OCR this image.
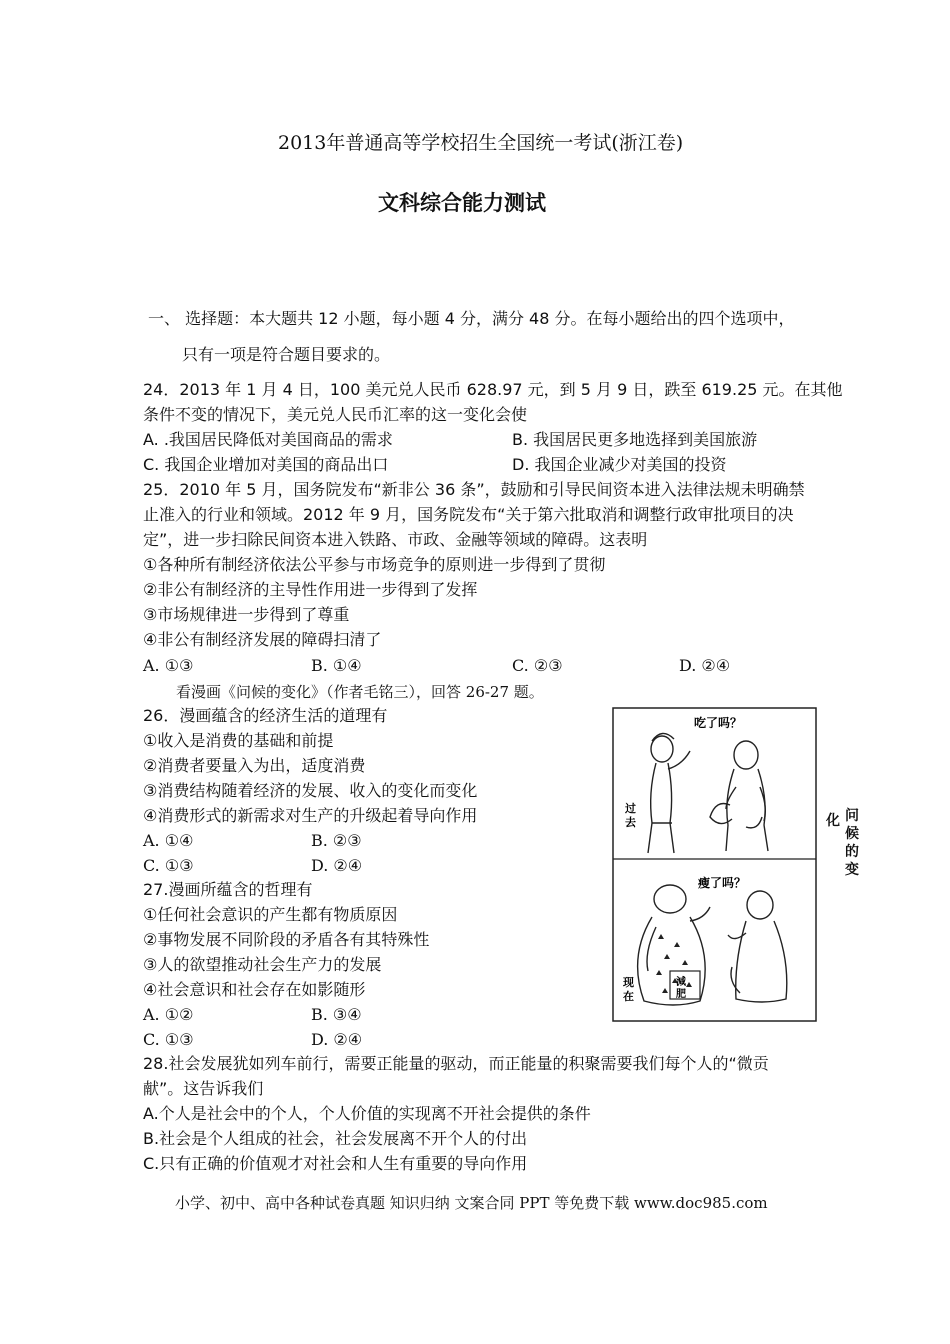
2013年普通高等学校招生全国统一考试(浙江卷)
文科综合能力测试
一、 选择题：本大题共 12 小题，每小题 4 分，满分 48 分。在每小题给出的四个选项中，
只有一项是符合题目要求的。
24．2013 年 1 月 4 日，100 美元兑人民币 628.97 元，到 5 月 9 日，跌至 619.25 元。在其他
条件不变的情况下，美元兑人民币汇率的这一变化会使
A. .我国居民降低对美国商品的需求	B. 我国居民更多地选择到美国旅游
C. 我国企业增加对美国的商品出口	D. 我国企业减少对美国的投资
25．2010 年 5 月，国务院发布“新非公 36 条”，鼓励和引导民间资本进入法律法规未明确禁
止准入的行业和领域。2012 年 9 月，国务院发布“关于第六批取消和调整行政审批项目的决
定”，进一步扫除民间资本进入铁路、市政、金融等领域的障碍。这表明
①各种所有制经济依法公平参与市场竞争的原则进一步得到了贯彻
②非公有制经济的主导性作用进一步得到了发挥
③市场规律进一步得到了尊重
④非公有制经济发展的障碍扫清了
A. ①③	B. ①④	C. ②③	D. ②④
看漫画《问候的变化》（作者毛铭三），回答 26-27 题。
26．漫画蕴含的经济生活的道理有
①收入是消费的基础和前提
②消费者要量入为出，适度消费
③消费结构随着经济的发展、收入的变化而变化
④消费形式的新需求对生产的升级起着导向作用
A. ①④	B. ②③
C. ①③	D. ②④
27.漫画所蕴含的哲理有
①任何社会意识的产生都有物质原因
②事物发展不同阶段的矛盾各有其特殊性
③人的欲望推动社会生产力的发展
④社会意识和社会存在如影随形
A. ①②	B. ③④
C. ①③	D. ②④
28.社会发展犹如列车前行，需要正能量的驱动，而正能量的积聚需要我们每个人的“微贡
献”。这告诉我们
A.个人是社会中的个人，个人价值的实现离不开社会提供的条件
B.社会是个人组成的社会，社会发展离不开个人的付出
C.只有正确的价值观才对社会和人生有重要的导向作用
吃了吗？
过
去
減
肥
瘦了吗？
现
在
问
候
的
变
化
小学、初中、高中各种试卷真题 知识归纳 文案合同 PPT 等免费下载 www.doc985.com
